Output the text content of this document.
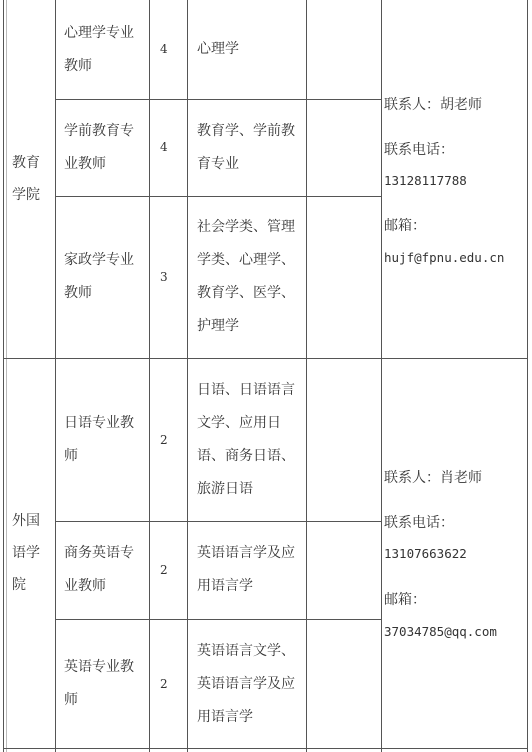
教育
学院
心理学专业
教师
4 心理学
学前教育专
业教师
4
教育学、学前教
育专业
家政学专业
教师
3
社会学类、管理
学类、心理学、
教育学、医学、
护理学
联系人：胡老师
联系电话：
13128117788
邮箱：
hujf@fpnu.edu.cn
外国
语学
院
日语专业教
师
2
日语、日语语言
文学、应用日
语、商务日语、
旅游日语
商务英语专
业教师
2
英语语言学及应
用语言学
英语专业教
师
2
英语语言文学、
英语语言学及应
用语言学
联系人：肖老师
联系电话：
13107663622
邮箱：
37034785@qq.com
